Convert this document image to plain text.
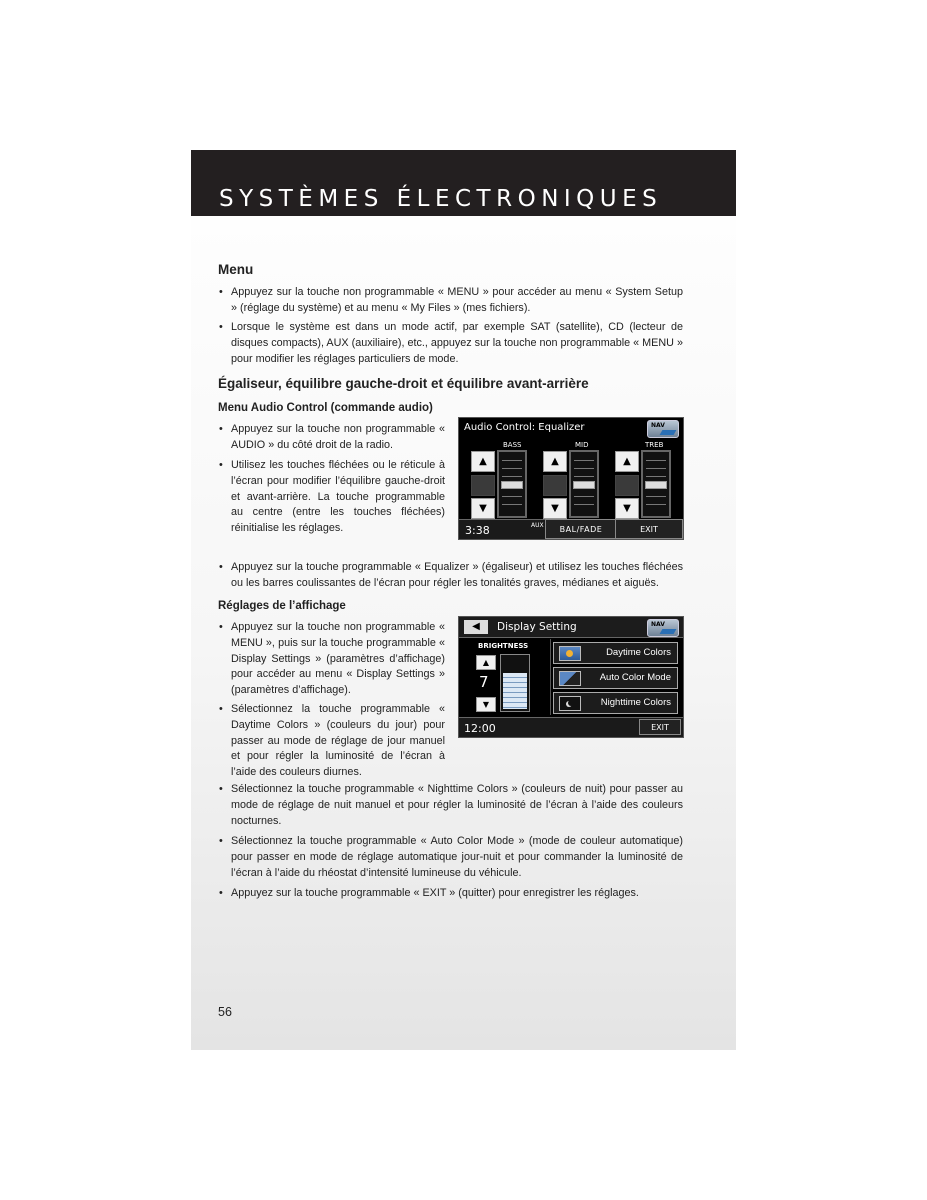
SYSTÈMES ÉLECTRONIQUES
Menu
• Appuyez sur la touche non programmable « MENU » pour accéder au menu « System Setup » (réglage du système) et au menu « My Files » (mes fichiers).
• Lorsque le système est dans un mode actif, par exemple SAT (satellite), CD (lecteur de disques compacts), AUX (auxiliaire), etc., appuyez sur la touche non programmable « MENU » pour modifier les réglages particuliers de mode.
Égaliseur, équilibre gauche-droit et équilibre avant-arrière
Menu Audio Control (commande audio)
• Appuyez sur la touche non programmable « AUDIO » du côté droit de la radio.
• Utilisez les touches fléchées ou le réticule à l’écran pour modifier l’équilibre gauche-droit et avant-arrière. La touche programmable au centre (entre les touches fléchées) réinitialise les réglages.
Audio Control: Equalizer	NAV
BASS	MID	TREB
▲
▼
▲
▼
▲
▼
3:38	AUX	BAL/FADE	EXIT
• Appuyez sur la touche programmable « Equalizer » (égaliseur) et utilisez les touches fléchées ou les barres coulissantes de l’écran pour régler les tonalités graves, médianes et aiguës.
Réglages de l’affichage
• Appuyez sur la touche non programmable « MENU », puis sur la touche programmable « Display Settings » (paramètres d’affichage) pour accéder au menu « Display Settings » (paramètres d’affichage).
• Sélectionnez la touche programmable « Daytime Colors » (couleurs du jour) pour passer au mode de réglage de jour manuel et pour régler la luminosité de l’écran à l’aide des couleurs diurnes.
◀	Display Setting	NAV
BRIGHTNESS
▲
7
▼
12:00	EXIT
Daytime Colors
Auto Color Mode
Nighttime Colors
• Sélectionnez la touche programmable « Nighttime Colors » (couleurs de nuit) pour passer au mode de réglage de nuit manuel et pour régler la luminosité de l’écran à l’aide des couleurs nocturnes.
• Sélectionnez la touche programmable « Auto Color Mode » (mode de couleur automatique) pour passer en mode de réglage automatique jour-nuit et pour commander la luminosité de l’écran à l’aide du rhéostat d’intensité lumineuse du véhicule.
• Appuyez sur la touche programmable « EXIT » (quitter) pour enregistrer les réglages.
56
